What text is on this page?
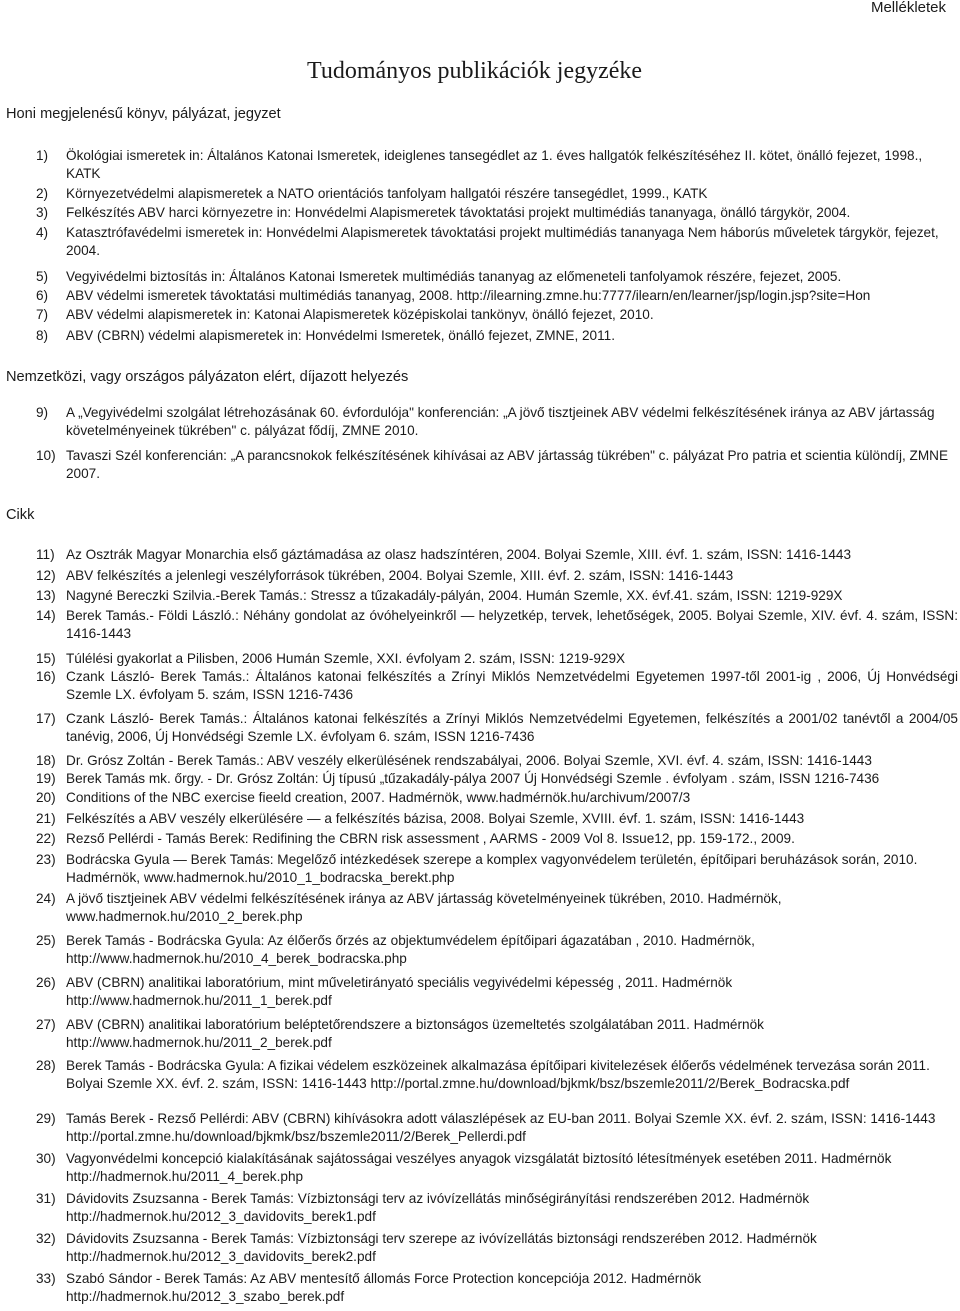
Mellékletek
Tudományos publikációk jegyzéke
Honi megjelenésű könyv, pályázat, jegyzet
Nemzetközi, vagy országos pályázaton elért, díjazott helyezés
Cikk
1)	Ökológiai ismeretek in: Általános Katonai Ismeretek, ideiglenes tansegédlet az 1. éves hallgatók felkészítéséhez II. kötet, önálló fejezet, 1998., KATK
2)	Környezetvédelmi alapismeretek a NATO orientációs tanfolyam hallgatói részére tansegédlet, 1999., KATK
3)	Felkészítés ABV harci környezetre in: Honvédelmi Alapismeretek távoktatási projekt multimédiás tananyaga, önálló tárgykör, 2004.
4)	Katasztrófavédelmi ismeretek in: Honvédelmi Alapismeretek távoktatási projekt multimédiás tananyaga Nem háborús műveletek tárgykör, fejezet, 2004.
5)	Vegyivédelmi biztosítás in: Általános Katonai Ismeretek multimédiás tananyag az előmeneteli tanfolyamok részére, fejezet, 2005.
6)	ABV védelmi ismeretek távoktatási multimédiás tananyag, 2008. http://ilearning.zmne.hu:7777/ilearn/en/learner/jsp/login.jsp?site=Hon
7)	ABV védelmi alapismeretek in: Katonai Alapismeretek középiskolai tankönyv, önálló fejezet, 2010.
8)	ABV (CBRN) védelmi alapismeretek in: Honvédelmi Ismeretek, önálló fejezet, ZMNE, 2011.
9)	A „Vegyivédelmi szolgálat létrehozásának 60. évfordulója" konferencián: „A jövő tisztjeinek ABV védelmi felkészítésének iránya az ABV jártasság követelményeinek tükrében" c. pályázat fődíj, ZMNE 2010.
10) Tavaszi Szél konferencián: „A parancsnokok felkészítésének kihívásai az ABV jártasság tükrében" c. pályázat Pro patria et scientia különdíj, ZMNE 2007.
11) Az Osztrák Magyar Monarchia első gáztámadása az olasz hadszíntéren, 2004. Bolyai Szemle, XIII. évf. 1. szám, ISSN: 1416-1443
12) ABV felkészítés a jelenlegi veszélyforrások tükrében, 2004. Bolyai Szemle, XIII. évf. 2. szám, ISSN: 1416-1443
13) Nagyné Bereczki Szilvia.-Berek Tamás.: Stressz a tűzakadály-pályán, 2004. Humán Szemle, XX. évf.41. szám, ISSN: 1219-929X
14) Berek Tamás.- Földi László.: Néhány gondolat az óvóhelyeinkről — helyzetkép, tervek, lehetőségek, 2005. Bolyai Szemle, XIV. évf. 4. szám, ISSN: 1416-1443
15) Túlélési gyakorlat a Pilisben, 2006 Humán Szemle, XXI. évfolyam 2. szám, ISSN: 1219-929X
16) Czank László- Berek Tamás.: Általános katonai felkészítés a Zrínyi Miklós Nemzetvédelmi Egyetemen 1997-től 2001-ig , 2006, Új Honvédségi Szemle LX. évfolyam 5. szám, ISSN 1216-7436
17) Czank László- Berek Tamás.: Általános katonai felkészítés a Zrínyi Miklós Nemzetvédelmi Egyetemen, felkészítés a 2001/02 tanévtől a 2004/05 tanévig, 2006, Új Honvédségi Szemle LX. évfolyam 6. szám, ISSN 1216-7436
18) Dr. Grósz Zoltán - Berek Tamás.: ABV veszély elkerülésének rendszabályai, 2006. Bolyai Szemle, XVI. évf. 4. szám, ISSN: 1416-1443
19) Berek Tamás mk. őrgy. - Dr. Grósz Zoltán: Új típusú „tűzakadály-pálya 2007 Új Honvédségi Szemle . évfolyam . szám, ISSN 1216-7436
20) Conditions of the NBC exercise fieeld creation, 2007. Hadmérnök, www.hadmérnök.hu/archivum/2007/3
21) Felkészítés a ABV veszély elkerülésére — a felkészítés bázisa, 2008. Bolyai Szemle, XVIII. évf. 1. szám, ISSN: 1416-1443
22) Rezső Pellérdi - Tamás Berek: Redifining the CBRN risk assessment , AARMS - 2009 Vol 8. Issue12, pp. 159-172., 2009.
23) Bodrácska Gyula — Berek Tamás: Megelőző intézkedések szerepe a komplex vagyonvédelem területén, építőipari beruházások során, 2010. Hadmérnök, www.hadmernok.hu/2010_1_bodracska_berekt.php
24) A jövő tisztjeinek ABV védelmi felkészítésének iránya az ABV jártasság követelményeinek tükrében, 2010. Hadmérnök, www.hadmernok.hu/2010_2_berek.php
25) Berek Tamás - Bodrácska Gyula: Az élőerős őrzés az objektumvédelem építőipari ágazatában , 2010. Hadmérnök, http://www.hadmernok.hu/2010_4_berek_bodracska.php
26) ABV (CBRN) analitikai laboratórium, mint műveletirányató speciális vegyivédelmi képesség , 2011. Hadmérnök http://www.hadmernok.hu/2011_1_berek.pdf
27) ABV (CBRN) analitikai laboratórium beléptetőrendszere a biztonságos üzemeltetés szolgálatában 2011. Hadmérnök http://www.hadmernok.hu/2011_2_berek.pdf
28) Berek Tamás - Bodrácska Gyula: A fizikai védelem eszközeinek alkalmazása építőipari kivitelezések élőerős védelmének tervezása során 2011. Bolyai Szemle XX. évf. 2. szám, ISSN: 1416-1443 http://portal.zmne.hu/download/bjkmk/bsz/bszemle2011/2/Berek_Bodracska.pdf
29) Tamás Berek - Rezső Pellérdi: ABV (CBRN) kihívásokra adott válaszlépések az EU-ban 2011. Bolyai Szemle XX. évf. 2. szám, ISSN: 1416-1443 http://portal.zmne.hu/download/bjkmk/bsz/bszemle2011/2/Berek_Pellerdi.pdf
30) Vagyonvédelmi koncepció kialakításának sajátosságai veszélyes anyagok vizsgálatát biztosító létesítmények esetében 2011. Hadmérnök http://hadmernok.hu/2011_4_berek.php
31) Dávidovits Zsuzsanna - Berek Tamás: Vízbiztonsági terv az ivóvízellátás minőségirányítási rendszerében 2012. Hadmérnök http://hadmernok.hu/2012_3_davidovits_berek1.pdf
32) Dávidovits Zsuzsanna - Berek Tamás: Vízbiztonsági terv szerepe az ivóvízellátás biztonsági rendszerében 2012. Hadmérnök http://hadmernok.hu/2012_3_davidovits_berek2.pdf
33) Szabó Sándor - Berek Tamás: Az ABV mentesítő állomás Force Protection koncepciója 2012. Hadmérnök http://hadmernok.hu/2012_3_szabo_berek.pdf
